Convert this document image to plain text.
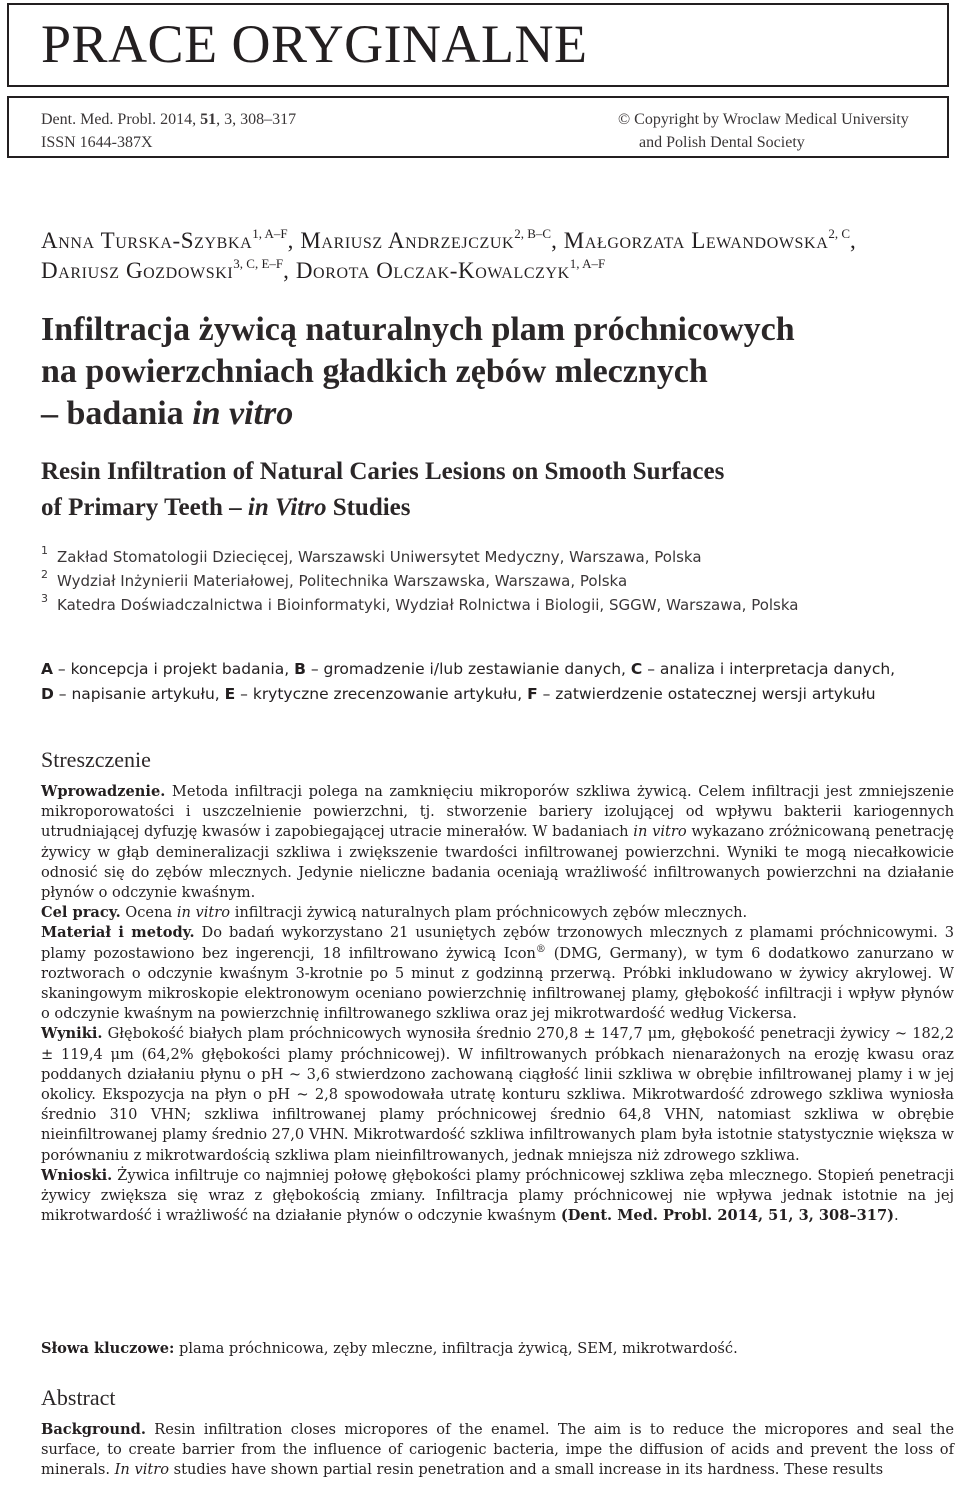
PRACE ORYGINALNE
Dent. Med. Probl. 2014, 51, 3, 308–317
ISSN 1644-387X
© Copyright by Wroclaw Medical University
and Polish Dental Society
Anna Turska-Szybka$^{1, A-F}$, Mariusz Andrzejczuk$^{2, B-C}$, Małgorzata Lewandowska$^{2, C}$,
Dariusz Gozdowski$^{3, C, E-F}$, Dorota Olczak-Kowalczyk$^{1, A-F}$
Infiltracja żywicą naturalnych plam próchnicowych
na powierzchniach gładkich zębów mlecznych
– badania in vitro
Resin Infiltration of Natural Caries Lesions on Smooth Surfaces
of Primary Teeth – in Vitro Studies
1 Zakład Stomatologii Dziecięcej, Warszawski Uniwersytet Medyczny, Warszawa, Polska
2 Wydział Inżynierii Materiałowej, Politechnika Warszawska, Warszawa, Polska
3 Katedra Doświadczalnictwa i Bioinformatyki, Wydział Rolnictwa i Biologii, SGGW, Warszawa, Polska
A – koncepcja i projekt badania, B – gromadzenie i/lub zestawianie danych, C – analiza i interpretacja danych,
D – napisanie artykułu, E – krytyczne zrecenzowanie artykułu, F – zatwierdzenie ostatecznej wersji artykułu
Streszczenie

Wprowadzenie. Metoda infiltracji polega na zamknięciu mikroporów szkliwa żywicą. Celem infiltracji jest zmniejszenie mikroporowatości i uszczelnienie powierzchni, tj. stworzenie bariery izolującej od wpływu bakterii kariogennych utrudniającej dyfuzję kwasów i zapobiegającej utracie minerałów. W badaniach in vitro wykazano zróżnicowaną penetrację żywicy w głąb demineralizacji szkliwa i zwiększenie twardości infiltrowanej powierzchni. Wyniki te mogą niecałkowicie odnosić się do zębów mlecznych. Jedynie nieliczne badania oceniają wrażliwość infiltrowanych powierzchni na działanie płynów o odczynie kwaśnym.

Cel pracy. Ocena in vitro infiltracji żywicą naturalnych plam próchnicowych zębów mlecznych.

Materiał i metody. Do badań wykorzystano 21 usuniętych zębów trzonowych mlecznych z plamami próchnicowymi. 3 plamy pozostawiono bez ingerencji, 18 infiltrowano żywicą Icon® (DMG, Germany), w tym 6 dodatkowo zanurzano w roztworach o odczynie kwaśnym 3-krotnie po 5 minut z godzinną przerwą. Próbki inkludowano w żywicy akrylowej. W skaningowym mikroskopie elektronowym oceniano powierzchnię infiltrowanej plamy, głębokość infiltracji i wpływ płynów o odczynie kwaśnym na powierzchnię infiltrowanego szkliwa oraz jej mikrotwardość według Vickersa.

Wyniki. Głębokość białych plam próchnicowych wynosiła średnio 270,8 ± 147,7 μm, głębokość penetracji żywicy ~ 182,2 ± 119,4 μm (64,2% głębokości plamy próchnicowej). W infiltrowanych próbkach nienarażonych na erozję kwasu oraz poddanych działaniu płynu o pH ~ 3,6 stwierdzono zachowaną ciągłość linii szkliwa w obrębie infiltrowanej plamy i w jej okolicy. Ekspozycja na płyn o pH ~ 2,8 spowodowała utratę konturu szkliwa. Mikrotwardość zdrowego szkliwa wyniosła średnio 310 VHN; szkliwa infiltrowanej plamy próchnicowej średnio 64,8 VHN, natomiast szkliwa w obrębie nieinfiltrowanej plamy średnio 27,0 VHN. Mikrotwardość szkliwa infiltrowanych plam była istotnie statystycznie większa w porównaniu z mikrotwardością szkliwa plam nieinfiltrowanych, jednak mniejsza niż zdrowego szkliwa.

Wnioski. Żywica infiltruje co najmniej połowę głębokości plamy próchnicowej szkliwa zęba mlecznego. Stopień penetracji żywicy zwiększa się wraz z głębokością zmiany. Infiltracja plamy próchnicowej nie wpływa jednak istotnie na jej mikrotwardość i wrażliwość na działanie płynów o odczynie kwaśnym (Dent. Med. Probl. 2014, 51, 3, 308–317).

Słowa kluczowe: plama próchnicowa, zęby mleczne, infiltracja żywicą, SEM, mikrotwardość.
Abstract

Background. Resin infiltration closes micropores of the enamel. The aim is to reduce the micropores and seal the surface, to create barrier from the influence of cariogenic bacteria, impe the diffusion of acids and prevent the loss of minerals. In vitro studies have shown partial resin penetration and a small increase in its hardness. These results
